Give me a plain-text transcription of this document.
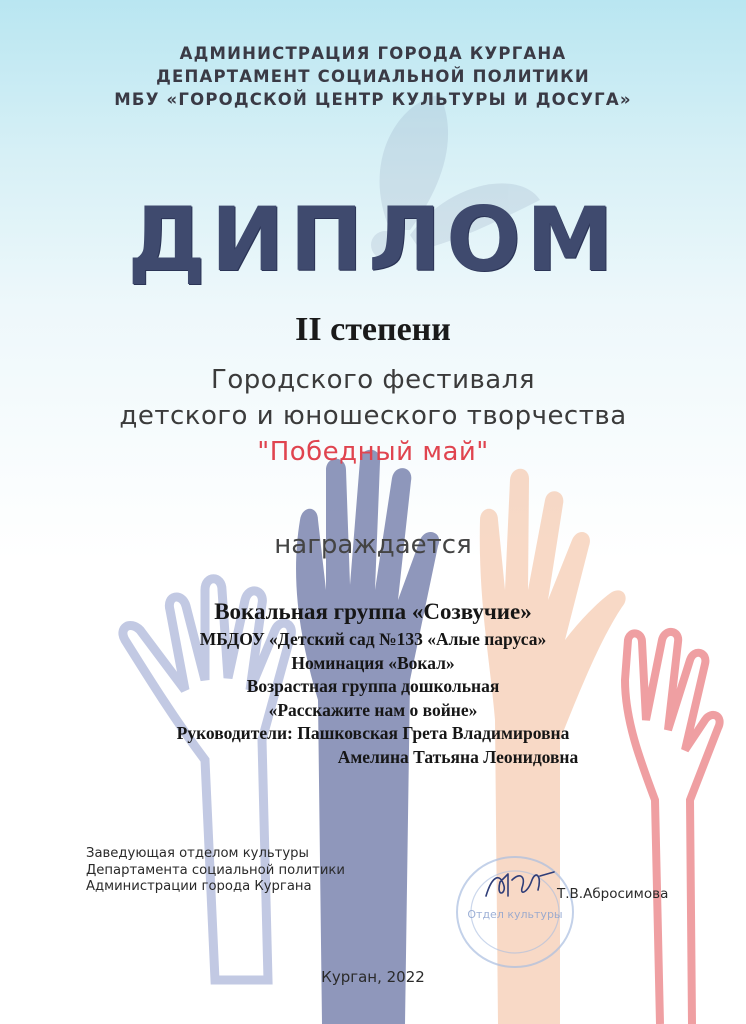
АДМИНИСТРАЦИЯ ГОРОДА КУРГАНА
ДЕПАРТАМЕНТ СОЦИАЛЬНОЙ ПОЛИТИКИ
МБУ «ГОРОДСКОЙ ЦЕНТР КУЛЬТУРЫ И ДОСУГА»
ДИПЛОМ
II степени
Городского фестиваля
детского и юношеского творчества
"Победный май"
награждается
Вокальная группа «Созвучие»
МБДОУ «Детский сад №133 «Алые паруса»
Номинация «Вокал»
Возрастная группа дошкольная
«Расскажите нам о войне»
Руководители: Пашковская Грета Владимировна
Амелина Татьяна Леонидовна
Заведующая отделом культуры
Департамента социальной политики
Администрации города Кургана
Отдел культуры
Т.В.Абросимова
Курган, 2022
